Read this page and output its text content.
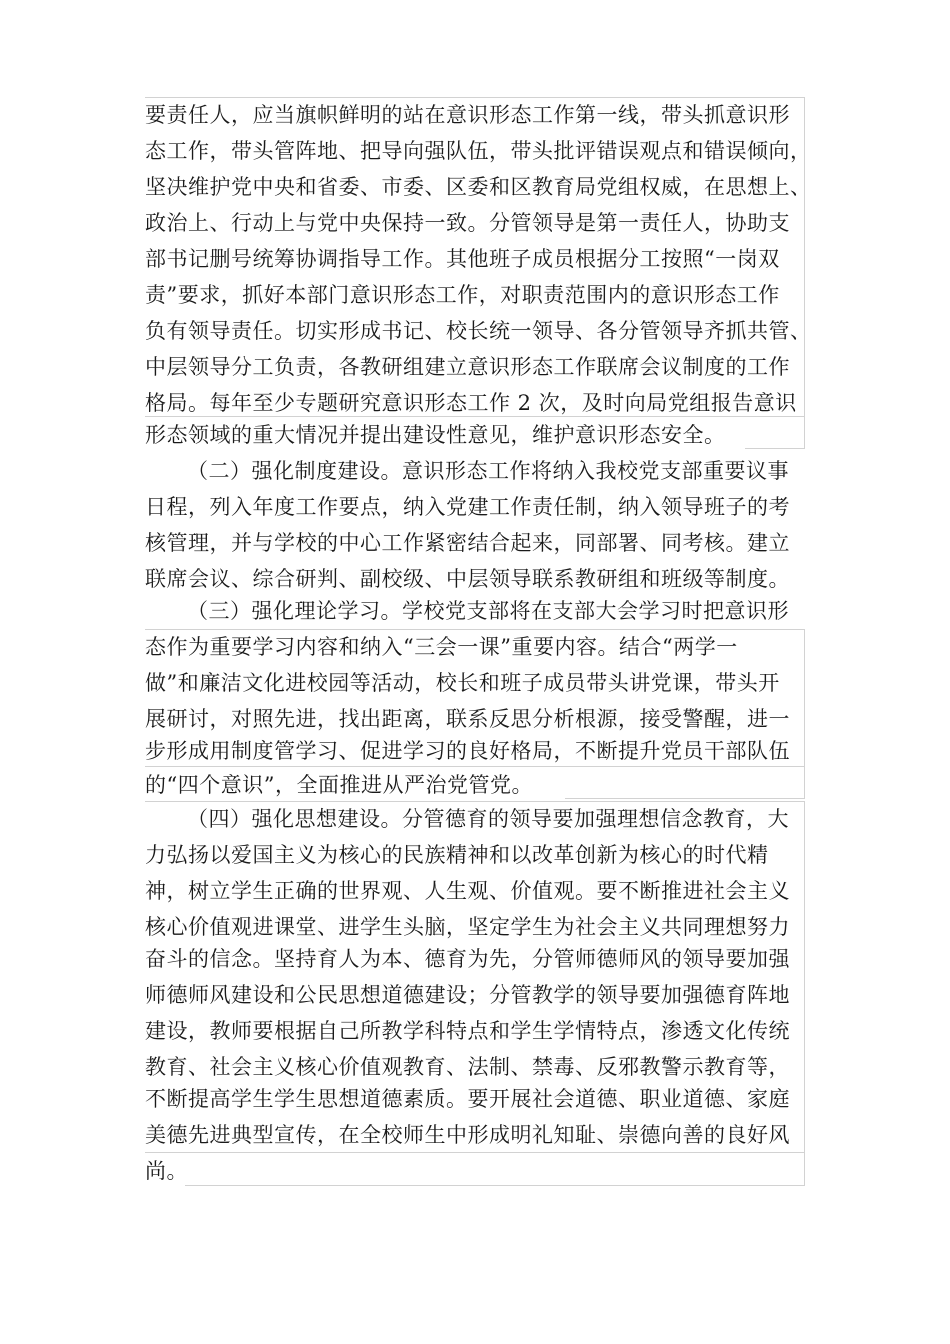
要责任人，应当旗帜鲜明的站在意识形态工作第一线，带头抓意识形
态工作，带头管阵地、把导向强队伍，带头批评错误观点和错误倾向，
坚决维护党中央和省委、市委、区委和区教育局党组权威，在思想上、
政治上、行动上与党中央保持一致。分管领导是第一责任人，协助支
部书记删号统筹协调指导工作。其他班子成员根据分工按照“一岗双
责”要求，抓好本部门意识形态工作，对职责范围内的意识形态工作
负有领导责任。切实形成书记、校长统一领导、各分管领导齐抓共管、
中层领导分工负责，各教研组建立意识形态工作联席会议制度的工作
格局。每年至少专题研究意识形态工作 2 次，及时向局党组报告意识
形态领域的重大情况并提出建设性意见，维护意识形态安全。
（二）强化制度建设。意识形态工作将纳入我校党支部重要议事
日程，列入年度工作要点，纳入党建工作责任制，纳入领导班子的考
核管理，并与学校的中心工作紧密结合起来，同部署、同考核。建立
联席会议、综合研判、副校级、中层领导联系教研组和班级等制度。
（三）强化理论学习。学校党支部将在支部大会学习时把意识形
态作为重要学习内容和纳入“三会一课”重要内容。结合“两学一
做”和廉洁文化进校园等活动，校长和班子成员带头讲党课，带头开
展研讨，对照先进，找出距离，联系反思分析根源，接受警醒，进一
步形成用制度管学习、促进学习的良好格局，不断提升党员干部队伍
的“四个意识”，全面推进从严治党管党。
（四）强化思想建设。分管德育的领导要加强理想信念教育，大
力弘扬以爱国主义为核心的民族精神和以改革创新为核心的时代精
神，树立学生正确的世界观、人生观、价值观。要不断推进社会主义
核心价值观进课堂、进学生头脑，坚定学生为社会主义共同理想努力
奋斗的信念。坚持育人为本、德育为先，分管师德师风的领导要加强
师德师风建设和公民思想道德建设；分管教学的领导要加强德育阵地
建设，教师要根据自己所教学科特点和学生学情特点，渗透文化传统
教育、社会主义核心价值观教育、法制、禁毒、反邪教警示教育等，
不断提高学生学生思想道德素质。要开展社会道德、职业道德、家庭
美德先进典型宣传，在全校师生中形成明礼知耻、崇德向善的良好风
尚。
